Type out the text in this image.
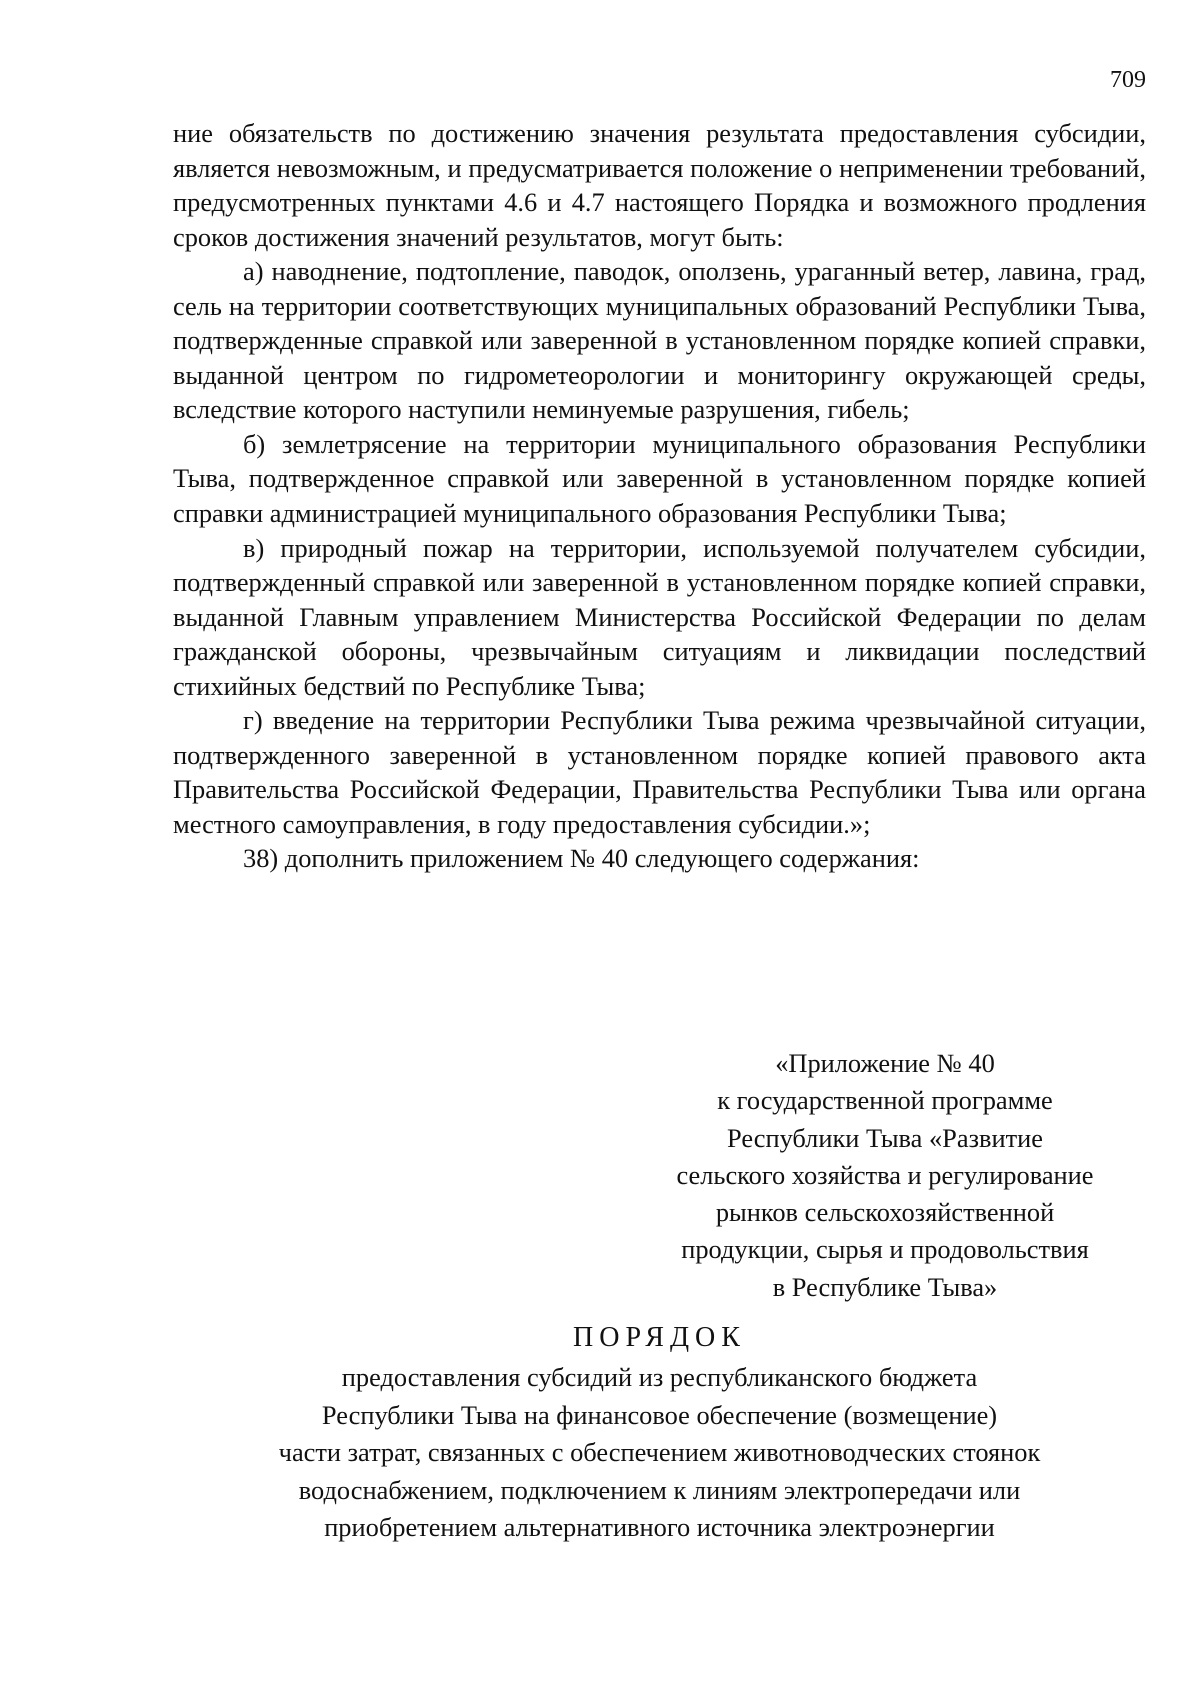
709

ние обязательств по достижению значения результата предоставления субсидии, является невозможным, и предусматривается положение о неприменении требований, предусмотренных пунктами 4.6 и 4.7 настоящего Порядка и возможного продления сроков достижения значений результатов, могут быть:

а) наводнение, подтопление, паводок, оползень, ураганный ветер, лавина, град, сель на территории соответствующих муниципальных образований Республики Тыва, подтвержденные справкой или заверенной в установленном порядке копией справки, выданной центром по гидрометеорологии и мониторингу окружающей среды, вследствие которого наступили неминуемые разрушения, гибель;

б) землетрясение на территории муниципального образования Республики Тыва, подтвержденное справкой или заверенной в установленном порядке копией справки администрацией муниципального образования Республики Тыва;

в) природный пожар на территории, используемой получателем субсидии, подтвержденный справкой или заверенной в установленном порядке копией справки, выданной Главным управлением Министерства Российской Федерации по делам гражданской обороны, чрезвычайным ситуациям и ликвидации последствий стихийных бедствий по Республике Тыва;

г) введение на территории Республики Тыва режима чрезвычайной ситуации, подтвержденного заверенной в установленном порядке копией правового акта Правительства Российской Федерации, Правительства Республики Тыва или органа местного самоуправления, в году предоставления субсидии.»;

38) дополнить приложением № 40 следующего содержания:

«Приложение № 40
к государственной программе
Республики Тыва «Развитие
сельского хозяйства и регулирование
рынков сельскохозяйственной
продукции, сырья и продовольствия
в Республике Тыва»
ПОРЯДОК
предоставления субсидий из республиканского бюджета
Республики Тыва на финансовое обеспечение (возмещение)
части затрат, связанных с обеспечением животноводческих стоянок
водоснабжением, подключением к линиям электропередачи или
приобретением альтернативного источника электроэнергии
